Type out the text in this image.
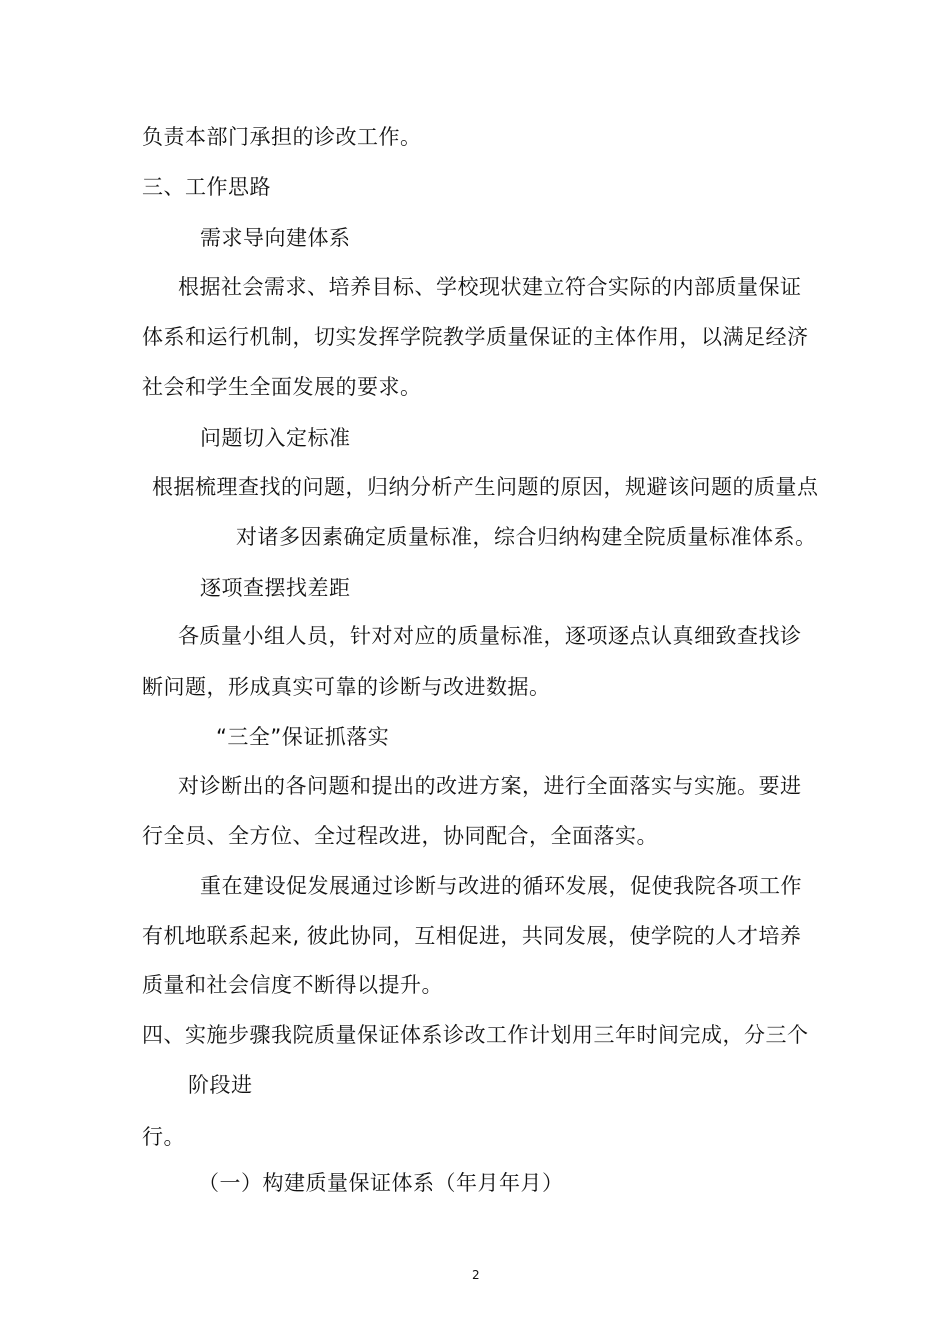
负责本部门承担的诊改工作。
三、工作思路
需求导向建体系
根据社会需求、培养目标、学校现状建立符合实际的内部质量保证
体系和运行机制，切实发挥学院教学质量保证的主体作用，以满足经济
社会和学生全面发展的要求。
问题切入定标准
根据梳理查找的问题，归纳分析产生问题的原因，规避该问题的质量点
对诸多因素确定质量标准，综合归纳构建全院质量标准体系。
逐项查摆找差距
各质量小组人员，针对对应的质量标准，逐项逐点认真细致查找诊
断问题，形成真实可靠的诊断与改进数据。
“三全”保证抓落实
对诊断出的各问题和提出的改进方案，进行全面落实与实施。要进
行全员、全方位、全过程改进，协同配合，全面落实。
重在建设促发展通过诊断与改进的循环发展，促使我院各项工作
有机地联系起来, 彼此协同，互相促进，共同发展，使学院的人才培养
质量和社会信度不断得以提升。
四、实施步骤我院质量保证体系诊改工作计划用三年时间完成，分三个
阶段进
行。
（一）构建质量保证体系（年月年月）
2
